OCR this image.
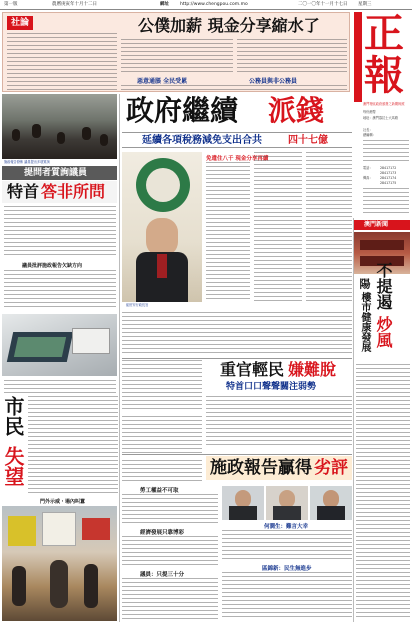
第一版	農曆庚寅年十月十二日	網址 http://www.chengpou.com.mo	二〇一〇年十一月十七日 星期三
社論	公僕加薪 現金分享縮水了
惡意通脹 全民受累	公務員與非公務員
正
報
澳門特區政府頒發之新聞執照
每份港幣
地址：澳門慕拉士大馬路
社長：
總編輯：
電話： 28417172
28417173
傳真： 28417174
28417175
施政報告發佈 議員提出多項質詢
提問者質詢議員
特首 答非所問
議員批評施政報告欠缺方向
市民
失望
門外示威・場內叫囂
政府繼續 派錢
延續各項稅務減免支出合共	四十七億
崔世安行政長官
免遺住八千 現金分享再續
重官輕民 嫌難脫
特首口口聲聲關注弱勢
施政報告贏得 劣評
勞工權益不可取
經濟發展只靠博彩
議員：只提三十分
何潤生：難言大幸
區錦新：民生無進步
澳門新聞
陽
樓市健康發展
不提遏
炒風
